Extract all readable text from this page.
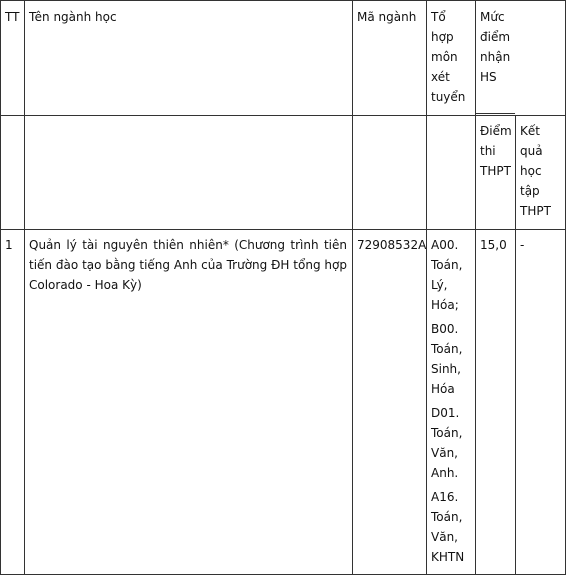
TT Tên ngành học	Mã ngành Tổ
hợp
môn
xét
tuyển
Mức
điểm
nhận
HS
Điểm
thi
THPT
Kết
quả
học
tập
THPT
1 Quản lý tài nguyên thiên nhiên* (Chương trình tiên tiến đào tạo bằng tiếng Anh của Trường ĐH tổng hợp Colorado - Hoa Kỳ)
72908532A A00.
Toán,
Lý,
Hóa;
B00.
Toán,
Sinh,
Hóa
D01.
Toán,
Văn,
Anh.
A16.
Toán,
Văn,
KHTN
15,0 -
